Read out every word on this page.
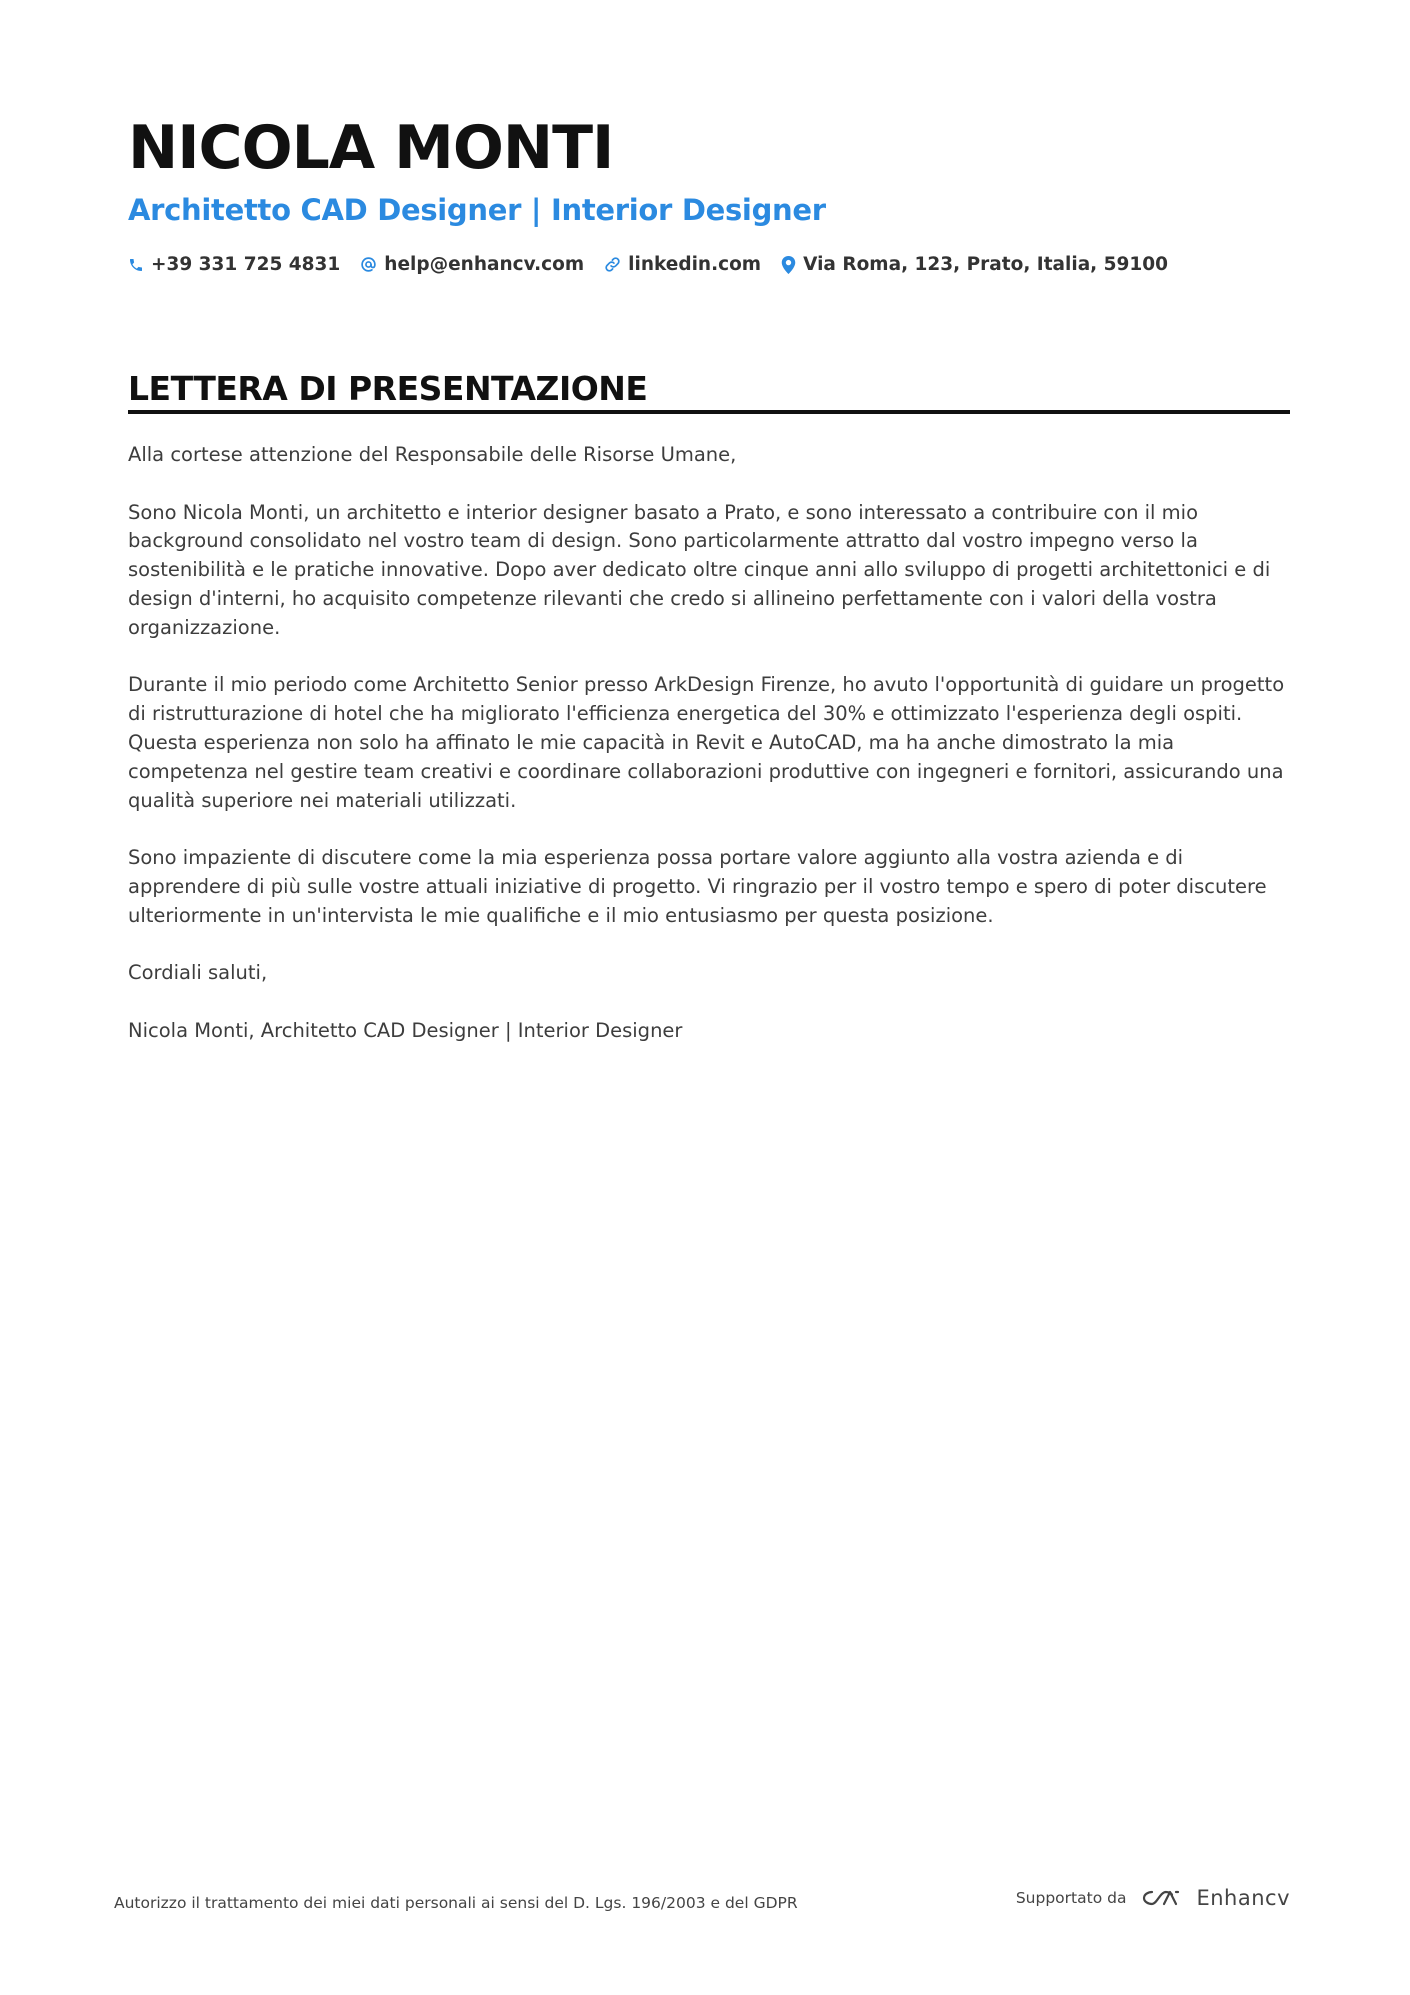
NICOLA MONTI
Architetto CAD Designer | Interior Designer
+39 331 725 4831 help@enhancv.com linkedin.com Via Roma, 123, Prato, Italia, 59100
LETTERA DI PRESENTAZIONE

Alla cortese attenzione del Responsabile delle Risorse Umane,

Sono Nicola Monti, un architetto e interior designer basato a Prato, e sono interessato a contribuire con il mio background consolidato nel vostro team di design. Sono particolarmente attratto dal vostro impegno verso la sostenibilità e le pratiche innovative. Dopo aver dedicato oltre cinque anni allo sviluppo di progetti architettonici e di design d'interni, ho acquisito competenze rilevanti che credo si allineino perfettamente con i valori della vostra organizzazione.

Durante il mio periodo come Architetto Senior presso ArkDesign Firenze, ho avuto l'opportunità di guidare un progetto di ristrutturazione di hotel che ha migliorato l'efficienza energetica del 30% e ottimizzato l'esperienza degli ospiti. Questa esperienza non solo ha affinato le mie capacità in Revit e AutoCAD, ma ha anche dimostrato la mia competenza nel gestire team creativi e coordinare collaborazioni produttive con ingegneri e fornitori, assicurando una qualità superiore nei materiali utilizzati.

Sono impaziente di discutere come la mia esperienza possa portare valore aggiunto alla vostra azienda e di apprendere di più sulle vostre attuali iniziative di progetto. Vi ringrazio per il vostro tempo e spero di poter discutere ulteriormente in un'intervista le mie qualifiche e il mio entusiasmo per questa posizione.

Cordiali saluti,

Nicola Monti, Architetto CAD Designer | Interior Designer

Autorizzo il trattamento dei miei dati personali ai sensi del D. Lgs. 196/2003 e del GDPR	Supportato da	Enhancv
